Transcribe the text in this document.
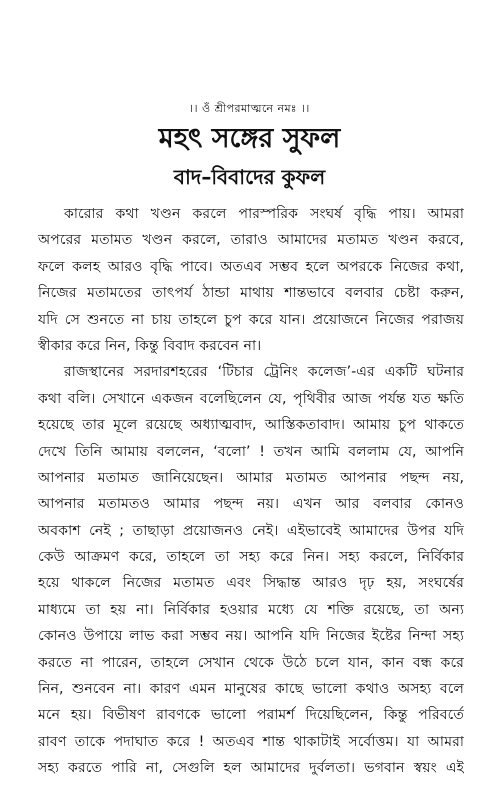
।। ওঁ শ্রীপরমাত্মনে নমঃ ।।
মহৎ সঙ্গের সুফল
বাদ–বিবাদের কুফল
কারোর কথা খণ্ডন করলে পারস্পরিক সংঘর্ষ বৃদ্ধি পায়। আমরা
অপরের মতামত খণ্ডন করলে, তারাও আমাদের মতামত খণ্ডন করবে,
ফলে কলহ আরও বৃদ্ধি পাবে। অতএব সম্ভব হলে অপরকে নিজের কথা,
নিজের মতামতের তাৎপর্য ঠান্ডা মাথায় শান্তভাবে বলবার চেষ্টা করুন,
যদি সে শুনতে না চায় তাহলে চুপ করে যান। প্রয়োজনে নিজের পরাজয়
স্বীকার করে নিন, কিন্তু বিবাদ করবেন না।
রাজস্থানের সরদারশহরের ‘টিচার ট্রেনিং কলেজ’-এর একটি ঘটনার
কথা বলি। সেখানে একজন বলেছিলেন যে, পৃথিবীর আজ পর্যন্ত যত ক্ষতি
হয়েছে তার মূলে রয়েছে অধ্যাত্মবাদ, আস্তিকতাবাদ। আমায় চুপ থাকতে
দেখে তিনি আমায় বললেন, ‘বলো’ ! তখন আমি বললাম যে, আপনি
আপনার মতামত জানিয়েছেন। আমার মতামত আপনার পছন্দ নয়,
আপনার মতামতও আমার পছন্দ নয়। এখন আর বলবার কোনও
অবকাশ নেই ; তাছাড়া প্রয়োজনও নেই। এইভাবেই আমাদের উপর যদি
কেউ আক্রমণ করে, তাহলে তা সহ্য করে নিন। সহ্য করলে, নির্বিকার
হয়ে থাকলে নিজের মতামত এবং সিদ্ধান্ত আরও দৃঢ় হয়, সংঘর্ষের
মাধ্যমে তা হয় না। নির্বিকার হওয়ার মধ্যে যে শক্তি রয়েছে, তা অন্য
কোনও উপায়ে লাভ করা সম্ভব নয়। আপনি যদি নিজের ইষ্টের নিন্দা সহ্য
করতে না পারেন, তাহলে সেখান থেকে উঠে চলে যান, কান বন্ধ করে
নিন, শুনবেন না। কারণ এমন মানুষের কাছে ভালো কথাও অসহ্য বলে
মনে হয়। বিভীষণ রাবণকে ভালো পরামর্শ দিয়েছিলেন, কিন্তু পরিবর্তে
রাবণ তাকে পদাঘাত করে ! অতএব শান্ত থাকাটাই সর্বোত্তম। যা আমরা
সহ্য করতে পারি না, সেগুলি হল আমাদের দুর্বলতা। ভগবান স্বয়ং এই
